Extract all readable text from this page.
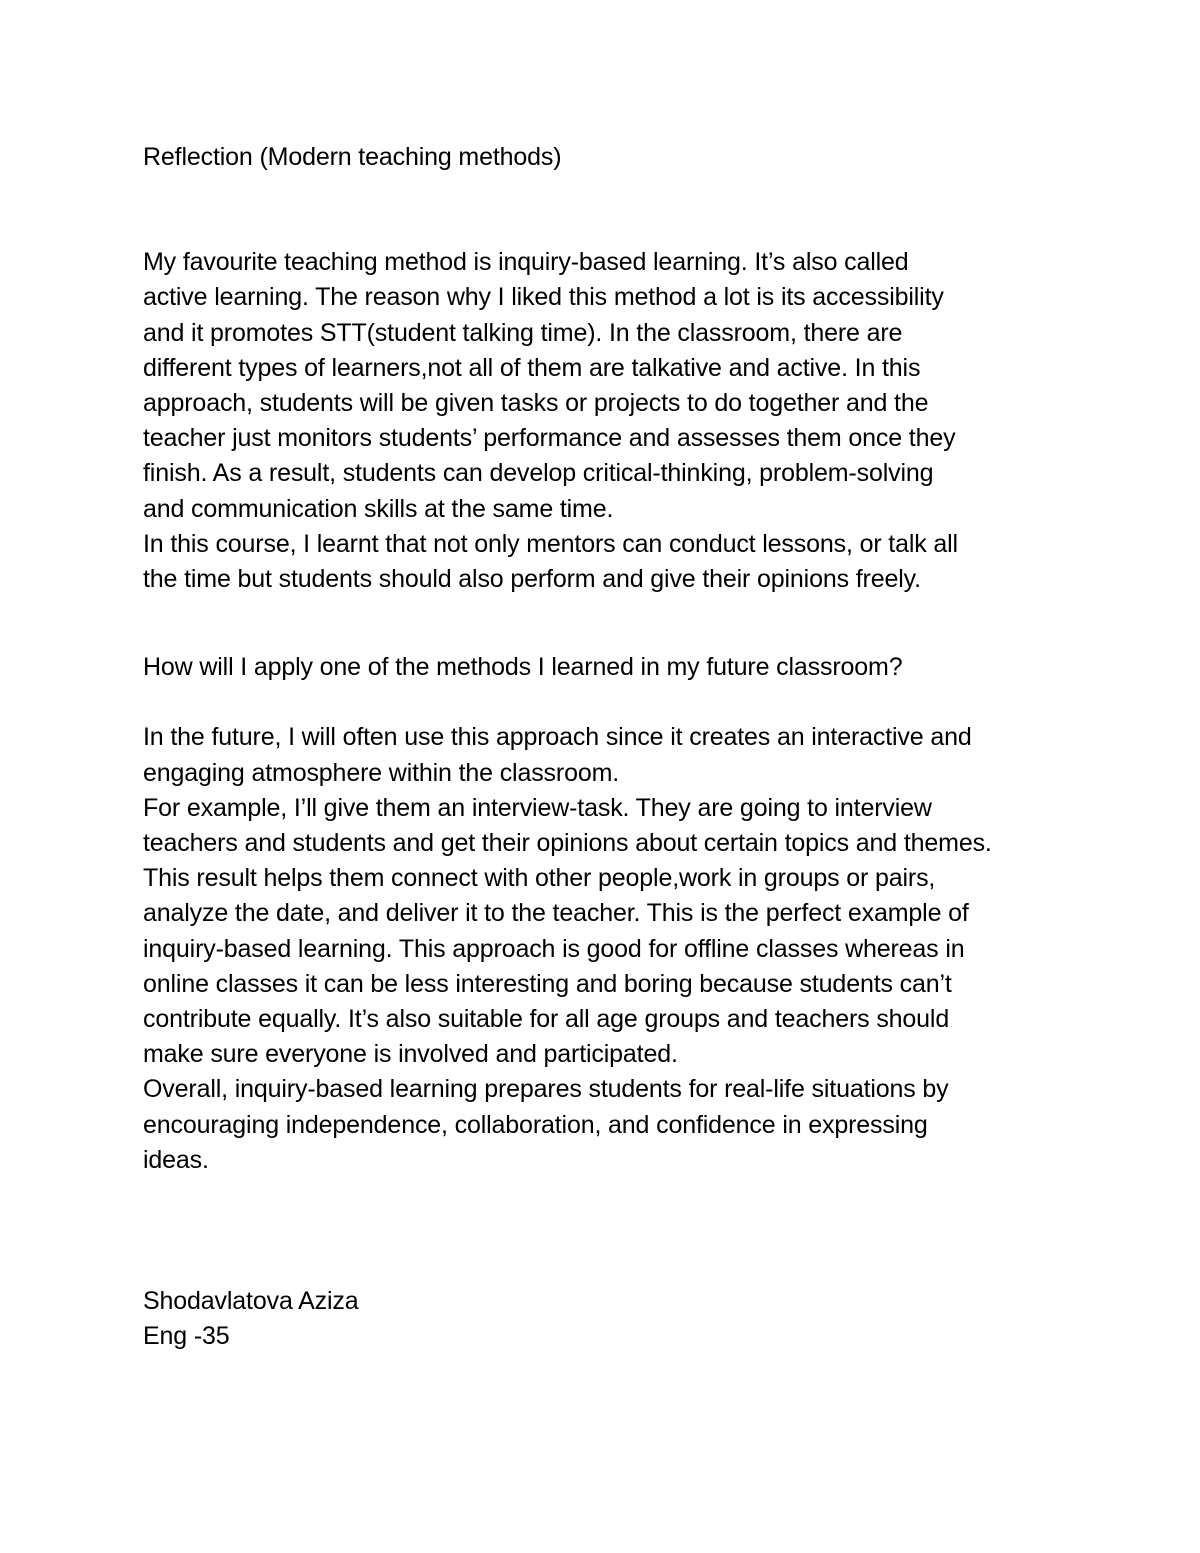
Reflection (Modern teaching methods)
My favourite teaching method is inquiry-based learning. It’s also called
active learning. The reason why I liked this method a lot is its accessibility
and it promotes STT(student talking time). In the classroom, there are
different types of learners,not all of them are talkative and active. In this
approach, students will be given tasks or projects to do together and the
teacher just monitors students’ performance and assesses them once they
finish. As a result, students can develop critical-thinking, problem-solving
and communication skills at the same time.
In this course, I learnt that not only mentors can conduct lessons, or talk all
the time but students should also perform and give their opinions freely.
How will I apply one of the methods I learned in my future classroom?
In the future, I will often use this approach since it creates an interactive and
engaging atmosphere within the classroom.
For example, I’ll give them an interview-task. They are going to interview
teachers and students and get their opinions about certain topics and themes.
This result helps them connect with other people,work in groups or pairs,
analyze the date, and deliver it to the teacher. This is the perfect example of
inquiry-based learning. This approach is good for offline classes whereas in
online classes it can be less interesting and boring because students can’t
contribute equally. It’s also suitable for all age groups and teachers should
make sure everyone is involved and participated.
Overall, inquiry-based learning prepares students for real-life situations by
encouraging independence, collaboration, and confidence in expressing
ideas.
Shodavlatova Aziza
Eng -35
